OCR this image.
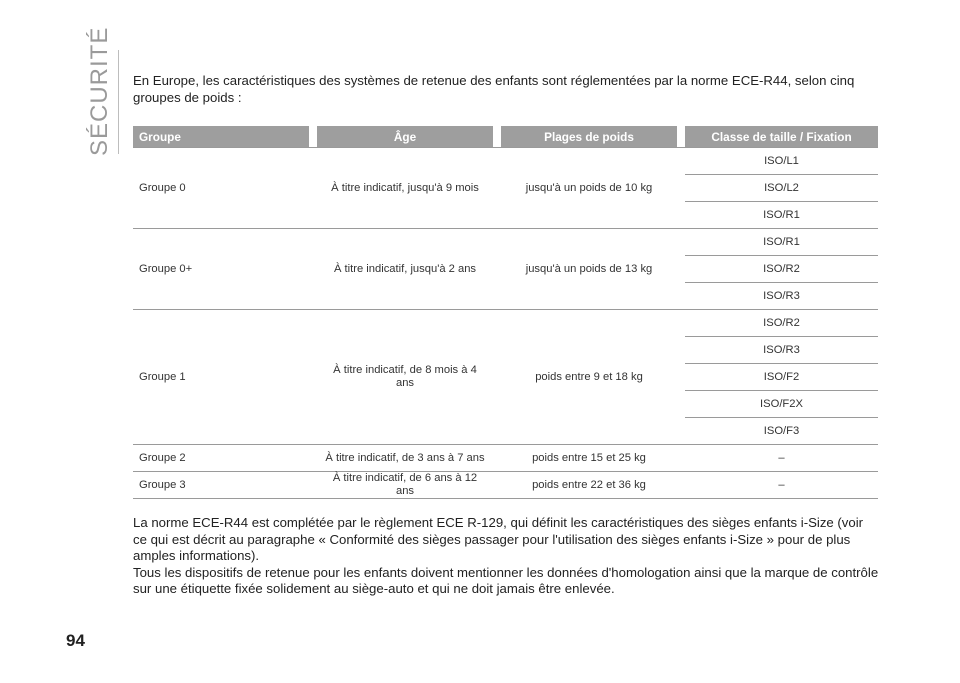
SÉCURITÉ En Europe, les caractéristiques des systèmes de retenue des enfants sont réglementées par la norme ECE-R44, selon cinq groupes de poids :

Groupe		Âge		Plages de poids		Classe de taille / Fixation
Groupe 0		À titre indicatif, jusqu'à 9 mois		jusqu'à un poids de 10 kg		ISO/L1
						ISO/L2
						ISO/R1
Groupe 0+		À titre indicatif, jusqu'à 2 ans		jusqu'à un poids de 13 kg		ISO/R1
						ISO/R2
						ISO/R3
Groupe 1		À titre indicatif, de 8 mois à 4 ans		poids entre 9 et 18 kg		ISO/R2
						ISO/R3
						ISO/F2
						ISO/F2X
						ISO/F3
Groupe 2		À titre indicatif, de 3 ans à 7 ans		poids entre 15 et 25 kg		–
Groupe 3		À titre indicatif, de 6 ans à 12 ans		poids entre 22 et 36 kg		–

La norme ECE-R44 est complétée par le règlement ECE R-129, qui définit les caractéristiques des sièges enfants i-Size (voir ce qui est décrit au paragraphe « Conformité des sièges passager pour l'utilisation des sièges enfants i-Size » pour de plus amples informations).

Tous les dispositifs de retenue pour les enfants doivent mentionner les données d'homologation ainsi que la marque de contrôle sur une étiquette fixée solidement au siège-auto et qui ne doit jamais être enlevée.

94
